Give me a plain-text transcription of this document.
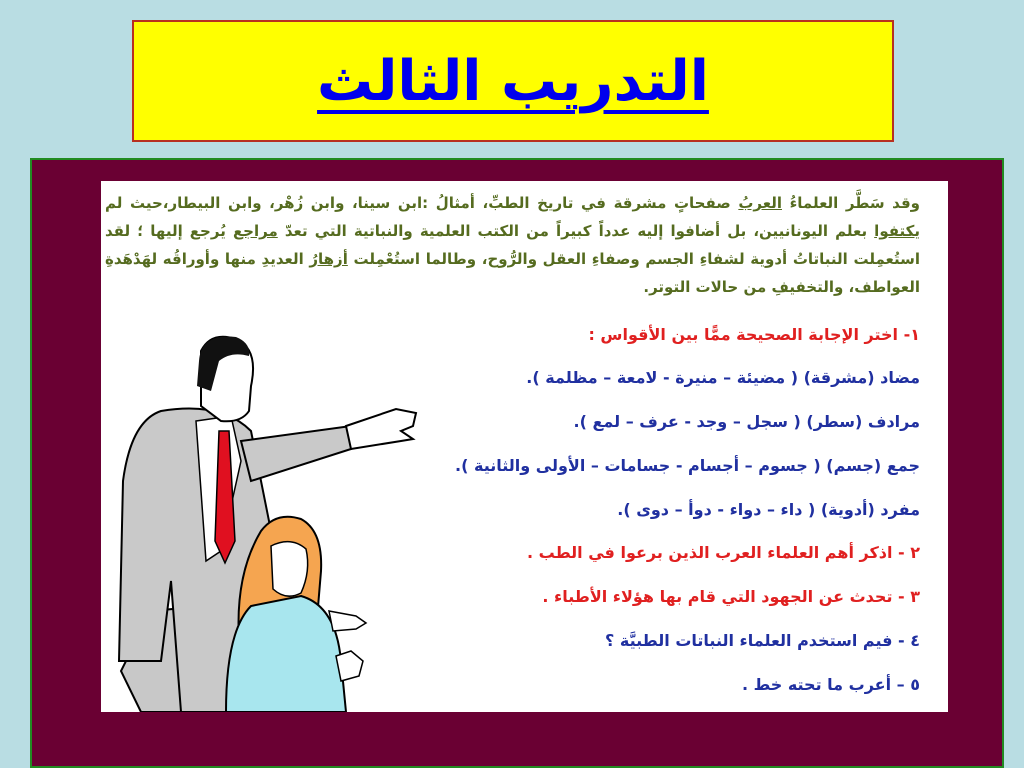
التدريب الثالث

وقد سَطَّر العلماءُ العربُ صفحاتٍ مشرقة في تاريخ الطبِّ، أمثالُ :ابن سينا، وابن زُهْر، وابن البيطار،حيث لم يكتفوا بعلم اليونانيين، بل أضافوا إليه عدداً كبيراً من الكتب العلمية والنباتية التي تعدّ مراجع يُرجع إليها ؛ لقد استُعمِلت النباتاتُ أدوية لشفاءِ الجسم وصفاءِ العقل والرُّوح، وطالما استُعْمِلت أزهارُ العديدِ منها وأوراقُه لهَدْهَدةِ العواطف، والتخفيفِ من حالات التوتر.

١- اختر الإجابة الصحيحة ممًّا بين الأقواس :

مضاد (مشرقة) ( مضيئة – منيرة - لامعة – مظلمة ).

مرادف (سطر) ( سجل – وجد - عرف – لمع ).

جمع (جسم) ( جسوم – أجسام - جسامات – الأولى والثانية ).

مفرد (أدوية) ( داء – دواء - دوأ – دوى ).

٢ - اذكر أهم العلماء العرب الذين برعوا في الطب .

٣ - تحدث عن الجهود التي قام بها هؤلاء الأطباء .

٤ - فيم استخدم العلماء النباتات الطبيَّة ؟

٥ – أعرب ما تحته خط .
